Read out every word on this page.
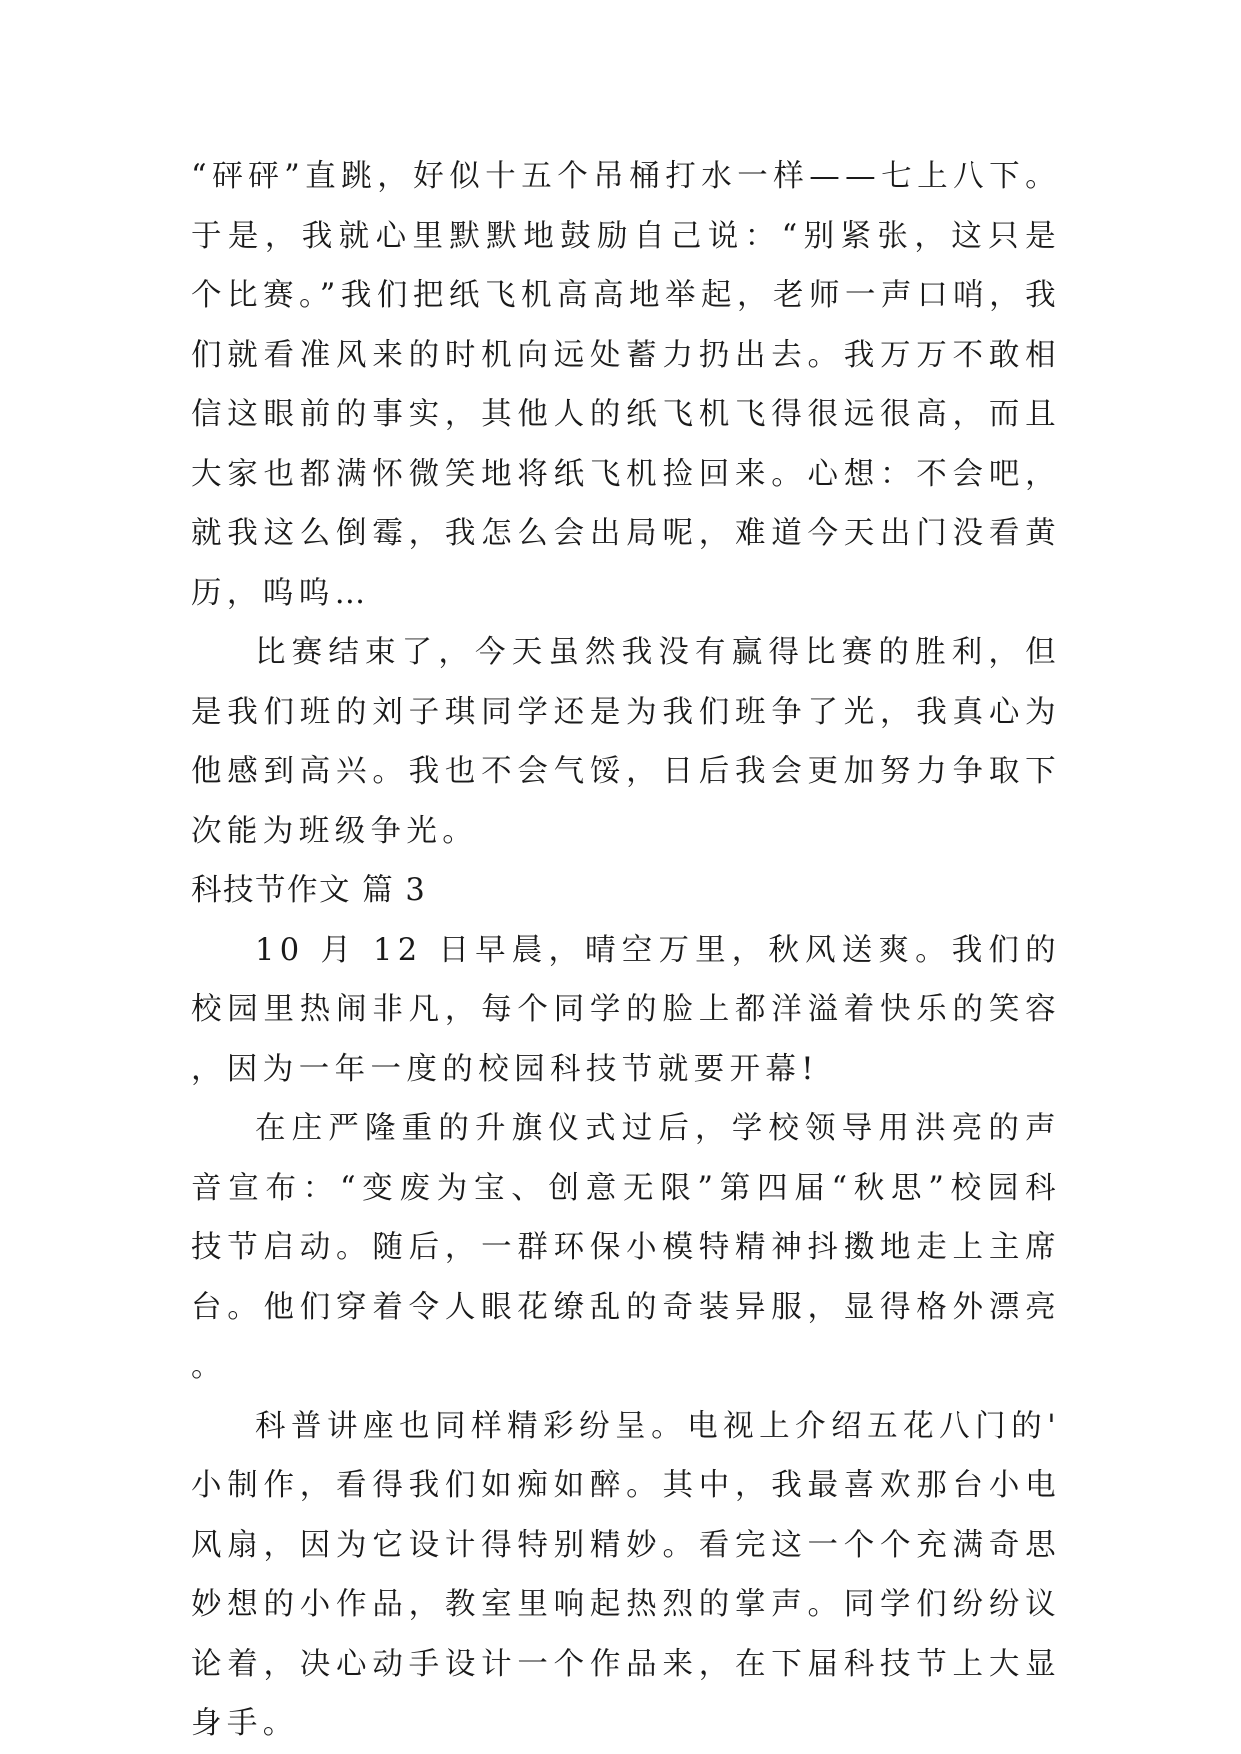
“砰砰”直跳，好似十五个吊桶打水一样——七上八下。于是，我就心里默默地鼓励自己说：“别紧张，这只是个比赛。”我们把纸飞机高高地举起，老师一声口哨，我们就看准风来的时机向远处蓄力扔出去。我万万不敢相信这眼前的事实，其他人的纸飞机飞得很远很高，而且大家也都满怀微笑地将纸飞机捡回来。心想：不会吧，就我这么倒霉，我怎么会出局呢，难道今天出门没看黄历，呜呜…

比赛结束了，今天虽然我没有赢得比赛的胜利，但是我们班的刘子琪同学还是为我们班争了光，我真心为他感到高兴。我也不会气馁，日后我会更加努力争取下次能为班级争光。

科技节作文 篇 3

10 月 12 日早晨，晴空万里，秋风送爽。我们的校园里热闹非凡，每个同学的脸上都洋溢着快乐的笑容，因为一年一度的校园科技节就要开幕!

在庄严隆重的升旗仪式过后，学校领导用洪亮的声音宣布：“变废为宝、创意无限”第四届“秋思”校园科技节启动。随后，一群环保小模特精神抖擞地走上主席台。他们穿着令人眼花缭乱的奇装异服，显得格外漂亮。

科普讲座也同样精彩纷呈。电视上介绍五花八门的'小制作，看得我们如痴如醉。其中，我最喜欢那台小电风扇，因为它设计得特别精妙。看完这一个个充满奇思妙想的小作品，教室里响起热烈的掌声。同学们纷纷议论着，决心动手设计一个作品来，在下届科技节上大显身手。
